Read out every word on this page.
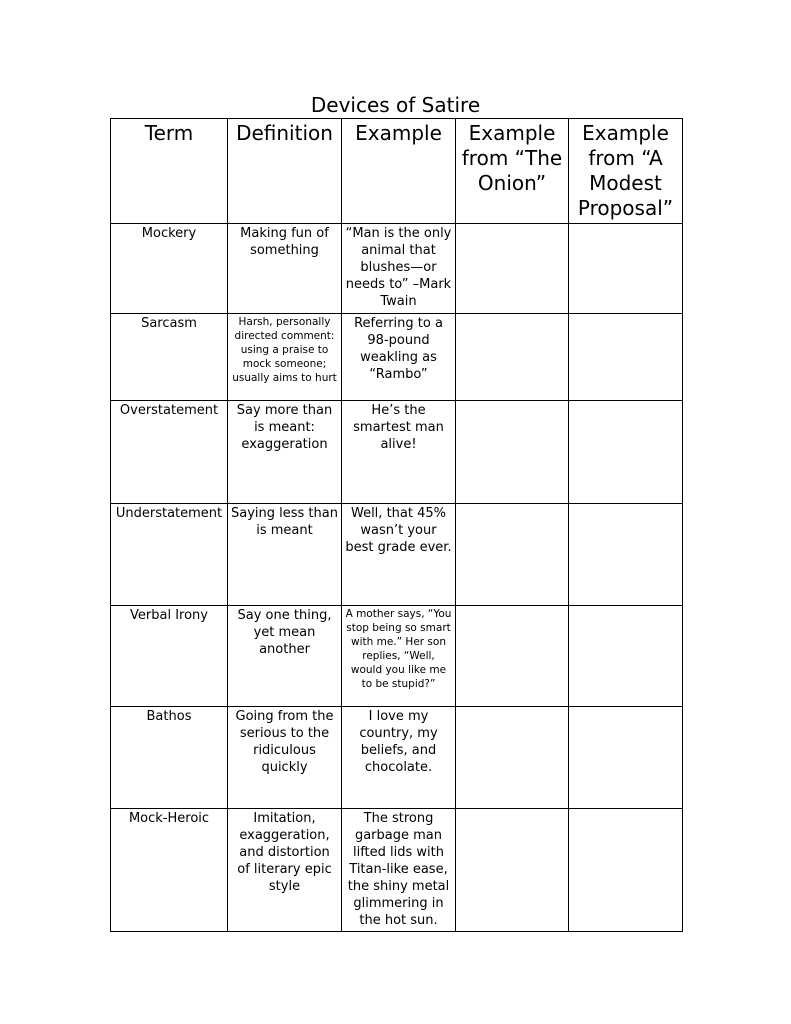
Devices of Satire
Term	Definition	Example	Example from “The Onion”	Example from “A Modest Proposal”
Mockery	Making fun of something	“Man is the only animal that blushes—or needs to” –Mark Twain		
Sarcasm	Harsh, personally directed comment: using a praise to mock someone; usually aims to hurt	Referring to a 98-pound weakling as “Rambo”		
Overstatement	Say more than is meant: exaggeration	He’s the smartest man alive!		
Understatement	Saying less than is meant	Well, that 45% wasn’t your best grade ever.		
Verbal Irony	Say one thing, yet mean another	A mother says, “You stop being so smart with me.” Her son replies, “Well, would you like me to be stupid?”		
Bathos	Going from the serious to the ridiculous quickly	I love my country, my beliefs, and chocolate.		
Mock-Heroic	Imitation, exaggeration, and distortion of literary epic style	The strong garbage man lifted lids with Titan-like ease, the shiny metal glimmering in the hot sun.		
